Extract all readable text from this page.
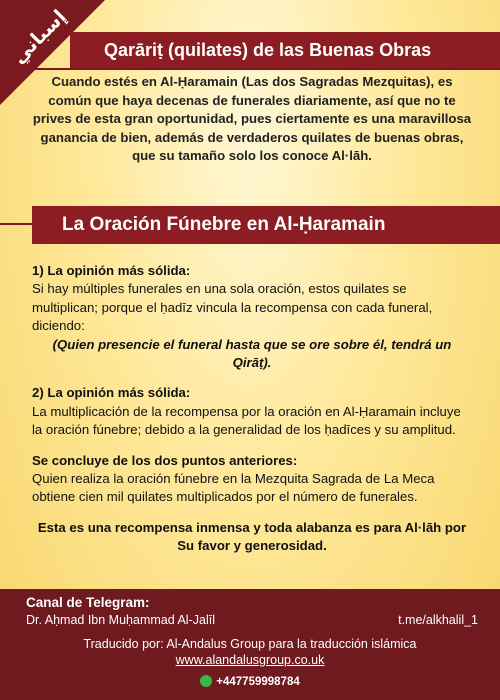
إسباني Qarāriṭ (quilates) de las Buenas Obras
Cuando estés en Al-Ḥaramain (Las dos Sagradas Mezquitas), es común que haya decenas de funerales diariamente, así que no te prives de esta gran oportunidad, pues ciertamente es una maravillosa ganancia de bien, además de verdaderos quilates de buenas obras, que su tamaño solo los conoce Al·lāh.
La Oración Fúnebre en Al-Ḥaramain

1) La opinión más sólida:

Si hay múltiples funerales en una sola oración, estos quilates se multiplican; porque el ḥadīz vincula la recompensa con cada funeral, diciendo:

(Quien presencie el funeral hasta que se ore sobre él, tendrá un Qirāṭ).

2) La opinión más sólida:

La multiplicación de la recompensa por la oración en Al-Ḥaramain incluye la oración fúnebre; debido a la generalidad de los ḥadīces y su amplitud.

Se concluye de los dos puntos anteriores:

Quien realiza la oración fúnebre en la Mezquita Sagrada de La Meca obtiene cien mil quilates multiplicados por el número de funerales.

Esta es una recompensa inmensa y toda alabanza es para Al·lāh por Su favor y generosidad.

Canal de Telegram:
Dr. Aḥmad Ibn Muḥammad Al-Jalīl	t.me/alkhalil_1
Traducido por: Al-Andalus Group para la traducción islámica
www.alandalusgroup.co.uk
+447759998784
